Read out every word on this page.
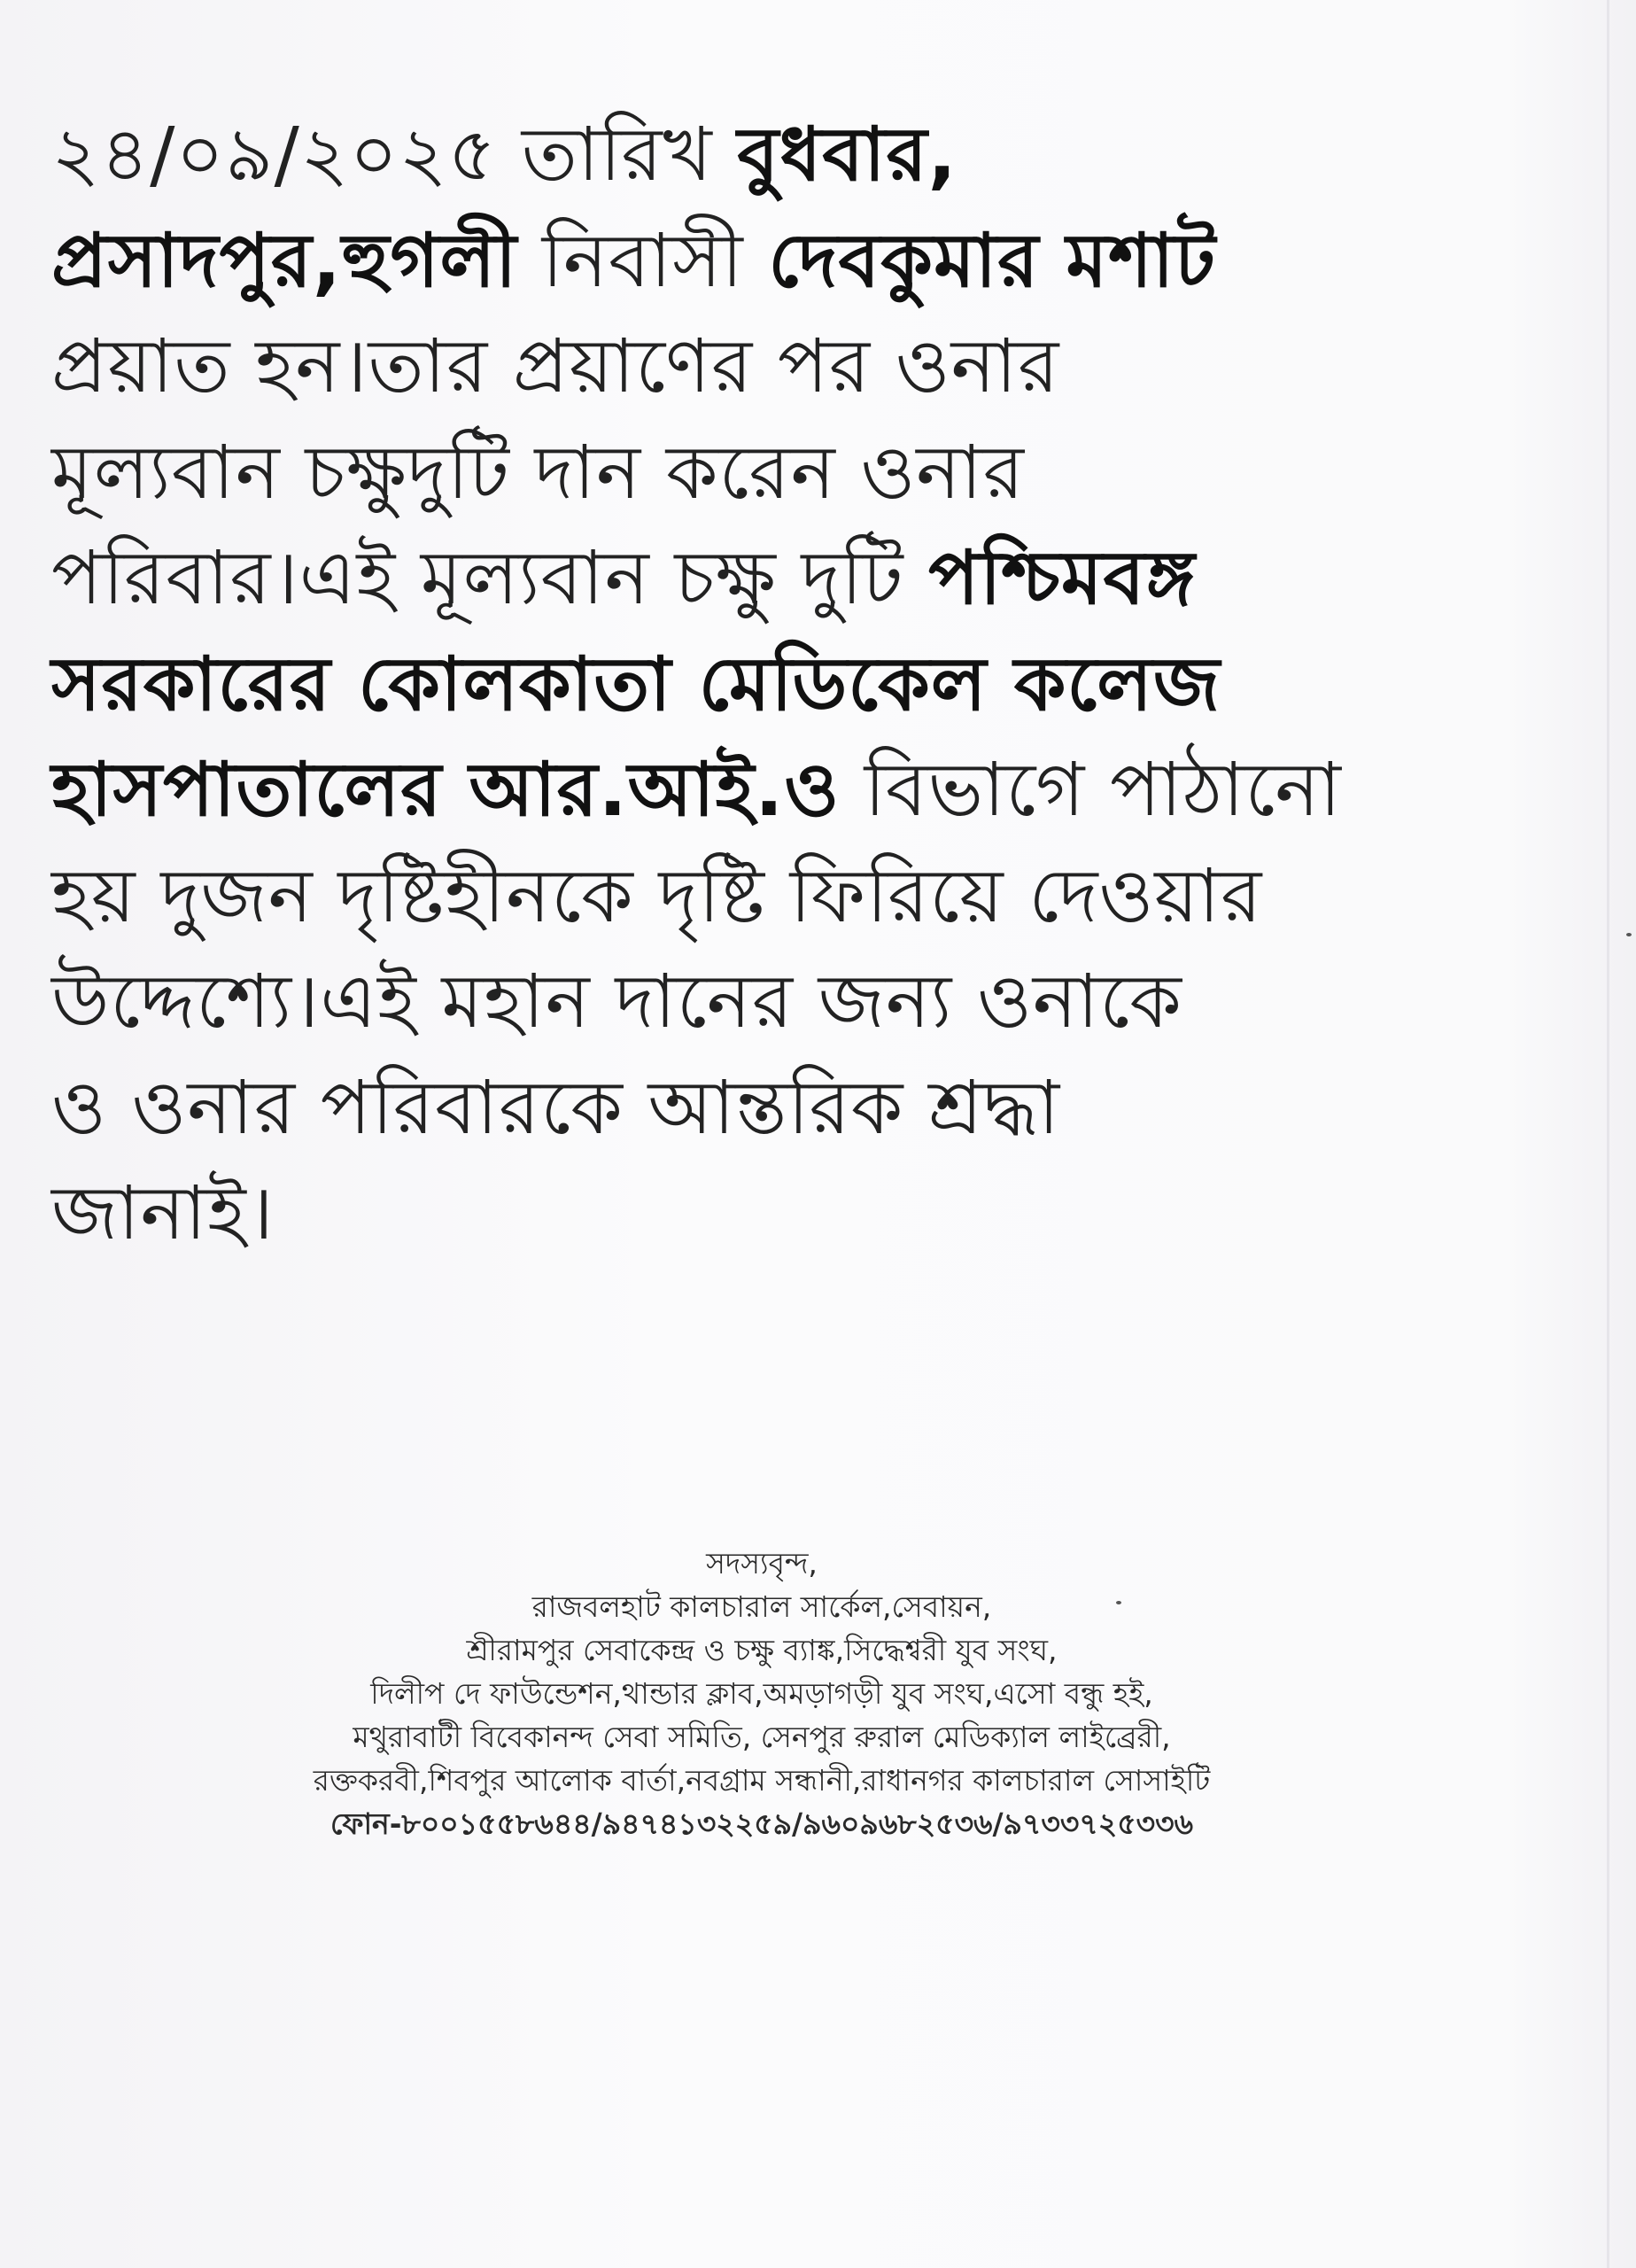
২৪/০৯/২০২৫ তারিখ বুধবার,
প্রসাদপুর,হুগলী নিবাসী দেবকুমার মশাট
প্রয়াত হন।তার প্রয়াণের পর ওনার
মূল্যবান চক্ষুদুটি দান করেন ওনার
পরিবার।এই মূল্যবান চক্ষু দুটি পশ্চিমবঙ্গ
সরকারের কোলকাতা মেডিকেল কলেজ
হাসপাতালের আর.আই.ও বিভাগে পাঠানো
হয় দুজন দৃষ্টিহীনকে দৃষ্টি ফিরিয়ে দেওয়ার
উদ্দেশ্যে।এই মহান দানের জন্য ওনাকে
ও ওনার পরিবারকে আন্তরিক শ্রদ্ধা
জানাই।
সদস্যবৃন্দ,
রাজবলহাট কালচারাল সার্কেল,সেবায়ন,
শ্রীরামপুর সেবাকেন্দ্র ও চক্ষু ব্যাঙ্ক,সিদ্ধেশ্বরী যুব সংঘ,
দিলীপ দে ফাউন্ডেশন,থান্ডার ক্লাব,অমড়াগড়ী যুব সংঘ,এসো বন্ধু হই,
মথুরাবাটী বিবেকানন্দ সেবা সমিতি, সেনপুর রুরাল মেডিক্যাল লাইব্রেরী,
রক্তকরবী,শিবপুর আলোক বার্তা,নবগ্রাম সন্ধানী,রাধানগর কালচারাল সোসাইটি
ফোন-৮০০১৫৫৮৬৪৪/৯৪৭৪১৩২২৫৯/৯৬০৯৬৮২৫৩৬/৯৭৩৩৭২৫৩৩৬
